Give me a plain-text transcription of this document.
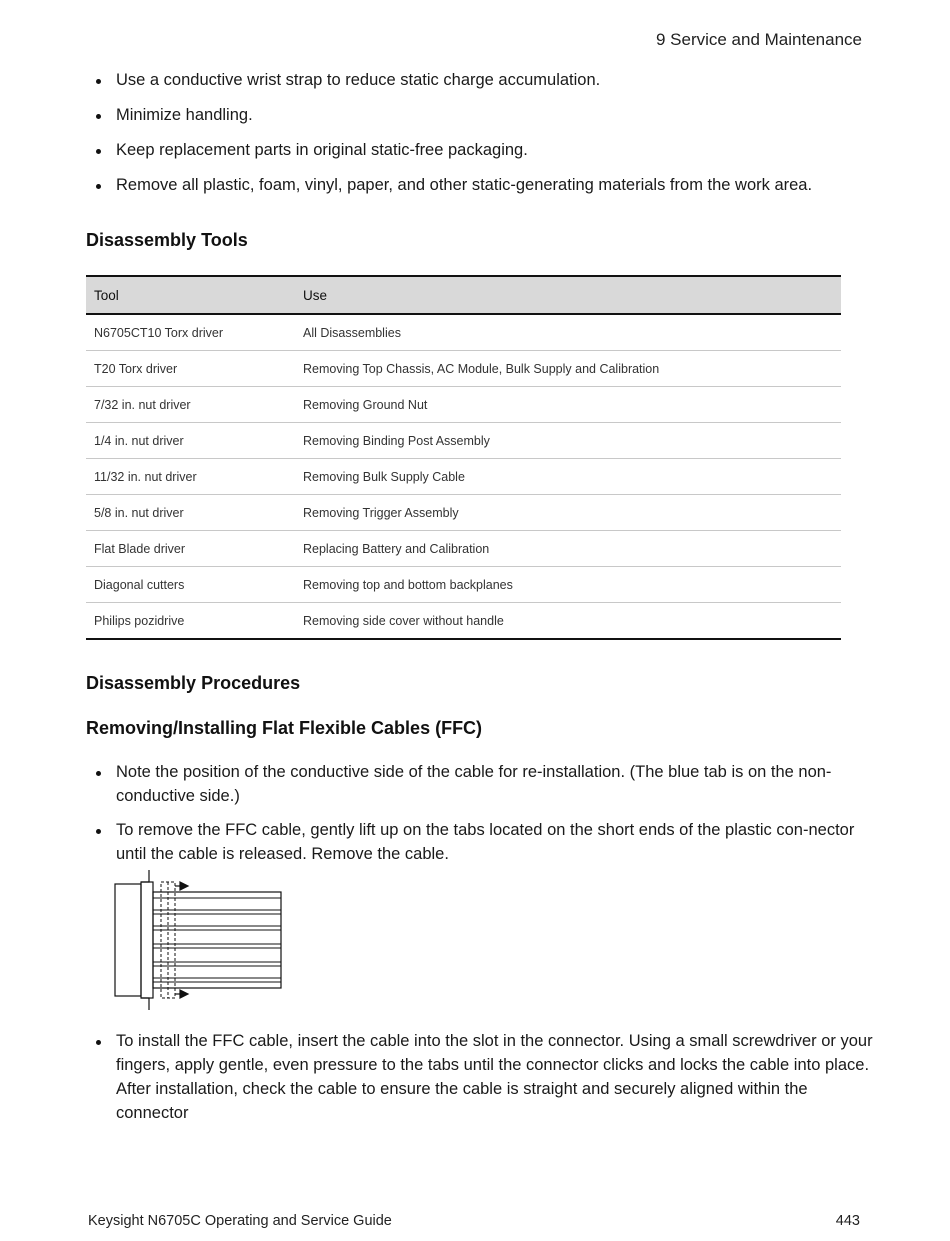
9 Service and Maintenance
Use a conductive wrist strap to reduce static charge accumulation.
Minimize handling.
Keep replacement parts in original static-free packaging.
Remove all plastic, foam, vinyl, paper, and other static-generating materials from the work area.
Disassembly Tools
Tool	Use
N6705CT10 Torx driver	All Disassemblies
T20 Torx driver	Removing Top Chassis, AC Module, Bulk Supply and Calibration
7/32 in. nut driver	Removing Ground Nut
1/4 in. nut driver	Removing Binding Post Assembly
11/32 in. nut driver	Removing Bulk Supply Cable
5/8 in. nut driver	Removing Trigger Assembly
Flat Blade driver	Replacing Battery and Calibration
Diagonal cutters	Removing top and bottom backplanes
Philips pozidrive	Removing side cover without handle
Disassembly Procedures
Removing/Installing Flat Flexible Cables (FFC)
Note the position of the conductive side of the cable for re-installation. (The blue tab is on the non-conductive side.)
To remove the FFC cable, gently lift up on the tabs located on the short ends of the plastic con-nector until the cable is released. Remove the cable.
To install the FFC cable, insert the cable into the slot in the connector. Using a small screwdriver or your fingers, apply gentle, even pressure to the tabs until the connector clicks and locks the cable into place. After installation, check the cable to ensure the cable is straight and securely aligned within the connector
Keysight N6705C Operating and Service Guide	443
